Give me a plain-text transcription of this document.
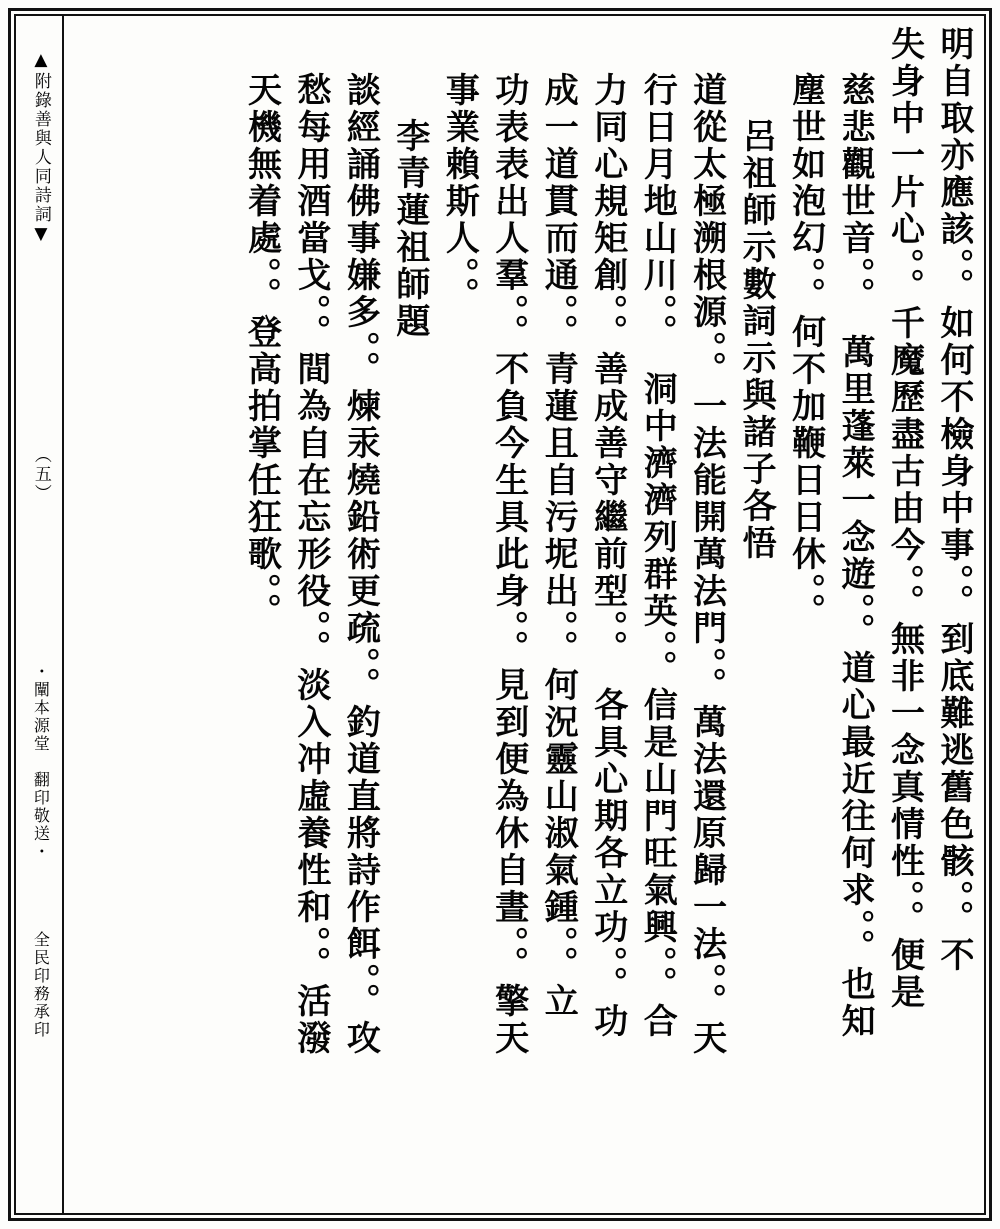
▲附錄善與人同詩詞▼
（五）
・闡本源堂　翻印敬送・
全民印務承印
明自取亦應該。。如何不檢身中事。。到底難逃舊色骸。。不
失身中一片心。。千魔歷盡古由今。。無非一念真情性。。便是
慈悲觀世音。。　萬里蓬萊一念遊。。道心最近往何求。。也知
塵世如泡幻。。何不加鞭日日休。。
呂祖師示數詞示與諸子各悟
道從太極溯根源。。一法能開萬法門。。萬法還原歸一法。。天
行日月地山川。。　洞中濟濟列群英。。信是山門旺氣興。。合
力同心規矩創。。善成善守繼前型。。　各具心期各立功。。功
成一道貫而通。。青蓮且自污坭出。。何況靈山淑氣鍾。。立
功表表出人羣。。不負今生具此身。。見到便為休自晝。。擎天
事業賴斯人。。
李青蓮祖師題
談經誦佛事嫌多。。煉汞燒鉛術更疏。。釣道直將詩作餌。。攻
愁每用酒當戈。。間為自在忘形役。。淡入冲虛養性和。。活潑
天機無着處。。登高拍掌任狂歌。。
